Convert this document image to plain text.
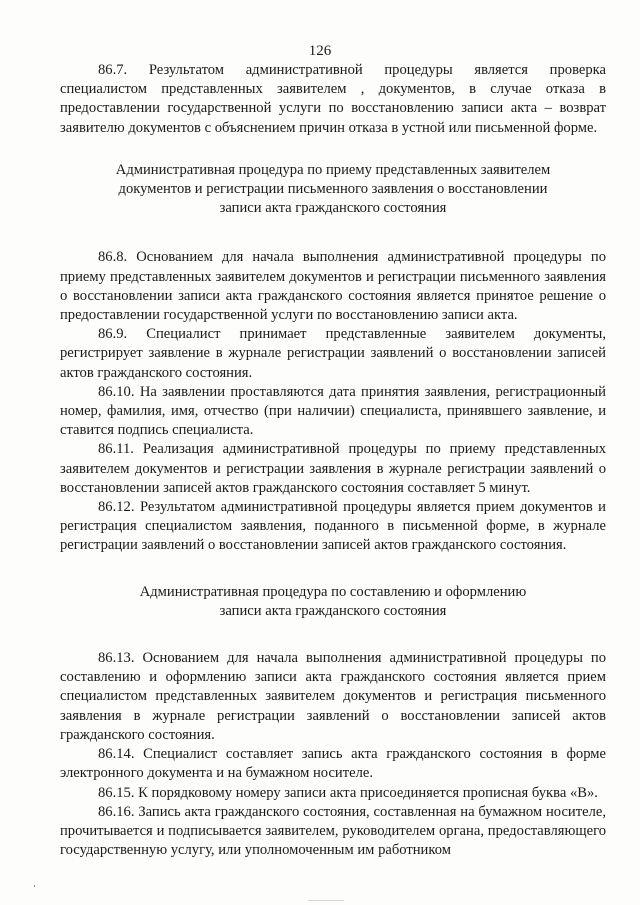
126

86.7. Результатом административной процедуры является проверка специалистом представленных заявителем , документов, в случае отказа в предоставлении государственной услуги по восстановлению записи акта – возврат заявителю документов с объяснением причин отказа в устной или письменной форме.

Административная процедура по приему представленных заявителем
документов и регистрации письменного заявления о восстановлении
записи акта гражданского состояния

86.8. Основанием для начала выполнения административной процедуры по приему представленных заявителем документов и регистрации письменного заявления о восстановлении записи акта гражданского состояния является принятое решение о предоставлении государственной услуги по восстановлению записи акта.

86.9. Специалист принимает представленные заявителем документы, регистрирует заявление в журнале регистрации заявлений о восстановлении записей актов гражданского состояния.

86.10. На заявлении проставляются дата принятия заявления, регистрационный номер, фамилия, имя, отчество (при наличии) специалиста, принявшего заявление, и ставится подпись специалиста.

86.11. Реализация административной процедуры по приему представленных заявителем документов и регистрации заявления в журнале регистрации заявлений о восстановлении записей актов гражданского состояния составляет 5 минут.

86.12. Результатом административной процедуры является прием документов и регистрация специалистом заявления, поданного в письменной форме, в журнале регистрации заявлений о восстановлении записей актов гражданского состояния.

Административная процедура по составлению и оформлению
записи акта гражданского состояния

86.13. Основанием для начала выполнения административной процедуры по составлению и оформлению записи акта гражданского состояния является прием специалистом представленных заявителем документов и регистрация письменного заявления в журнале регистрации заявлений о восстановлении записей актов гражданского состояния.

86.14. Специалист составляет запись акта гражданского состояния в форме электронного документа и на бумажном носителе.

86.15. К порядковому номеру записи акта присоединяется прописная буква «В».

86.16. Запись акта гражданского состояния, составленная на бумажном носителе, прочитывается и подписывается заявителем, руководителем органа, предоставляющего государственную услугу, или уполномоченным им работником
